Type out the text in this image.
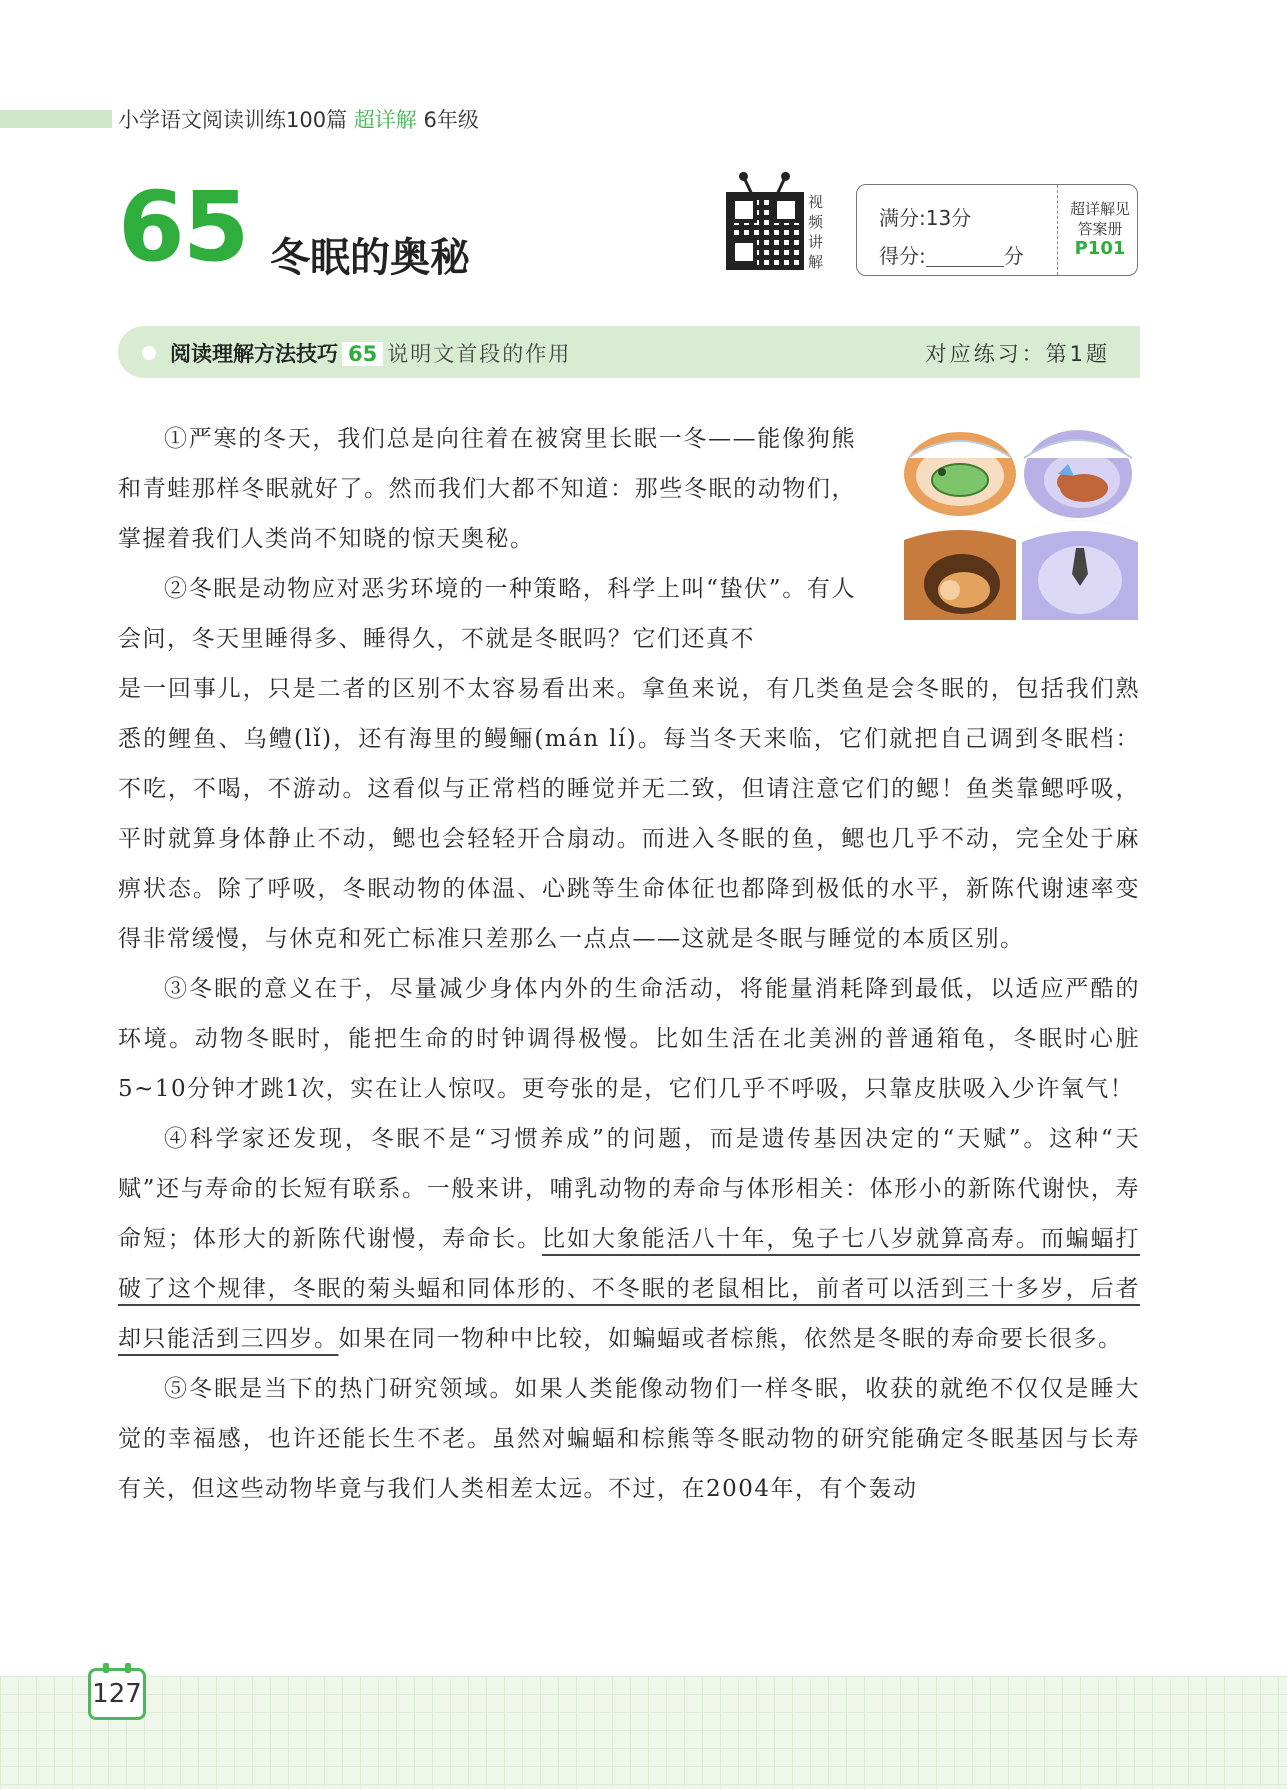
小学语文阅读训练100篇 超详解 6年级
65 冬眠的奥秘
视频讲解
满分:13分
得分:	分
超详解见
答案册
P101
阅读理解方法技巧 65 说明文首段的作用	对应练习：第1题

①严寒的冬天，我们总是向往着在被窝里长眠一冬——能像狗熊和青蛙那样冬眠就好了。然而我们大都不知道：那些冬眠的动物们，掌握着我们人类尚不知晓的惊天奥秘。

②冬眠是动物应对恶劣环境的一种策略，科学上叫“蛰伏”。有人会问，冬天里睡得多、睡得久，不就是冬眠吗？它们还真不

是一回事儿，只是二者的区别不太容易看出来。拿鱼来说，有几类鱼是会冬眠的，包括我们熟悉的鲤鱼、乌鳢(lǐ)，还有海里的鳗鲡(mán lí)。每当冬天来临，它们就把自己调到冬眠档：不吃，不喝，不游动。这看似与正常档的睡觉并无二致，但请注意它们的鳃！鱼类靠鳃呼吸，平时就算身体静止不动，鳃也会轻轻开合扇动。而进入冬眠的鱼，鳃也几乎不动，完全处于麻痹状态。除了呼吸，冬眠动物的体温、心跳等生命体征也都降到极低的水平，新陈代谢速率变得非常缓慢，与休克和死亡标准只差那么一点点——这就是冬眠与睡觉的本质区别。

③冬眠的意义在于，尽量减少身体内外的生命活动，将能量消耗降到最低，以适应严酷的环境。动物冬眠时，能把生命的时钟调得极慢。比如生活在北美洲的普通箱龟，冬眠时心脏5~10分钟才跳1次，实在让人惊叹。更夸张的是，它们几乎不呼吸，只靠皮肤吸入少许氧气！

④科学家还发现，冬眠不是“习惯养成”的问题，而是遗传基因决定的“天赋”。这种“天赋”还与寿命的长短有联系。一般来讲，哺乳动物的寿命与体形相关：体形小的新陈代谢快，寿命短；体形大的新陈代谢慢，寿命长。比如大象能活八十年，兔子七八岁就算高寿。而蝙蝠打破了这个规律，冬眠的菊头蝠和同体形的、不冬眠的老鼠相比，前者可以活到三十多岁，后者却只能活到三四岁。如果在同一物种中比较，如蝙蝠或者棕熊，依然是冬眠的寿命要长很多。

⑤冬眠是当下的热门研究领域。如果人类能像动物们一样冬眠，收获的就绝不仅仅是睡大觉的幸福感，也许还能长生不老。虽然对蝙蝠和棕熊等冬眠动物的研究能确定冬眠基因与长寿有关，但这些动物毕竟与我们人类相差太远。不过，在2004年，有个轰动

127
